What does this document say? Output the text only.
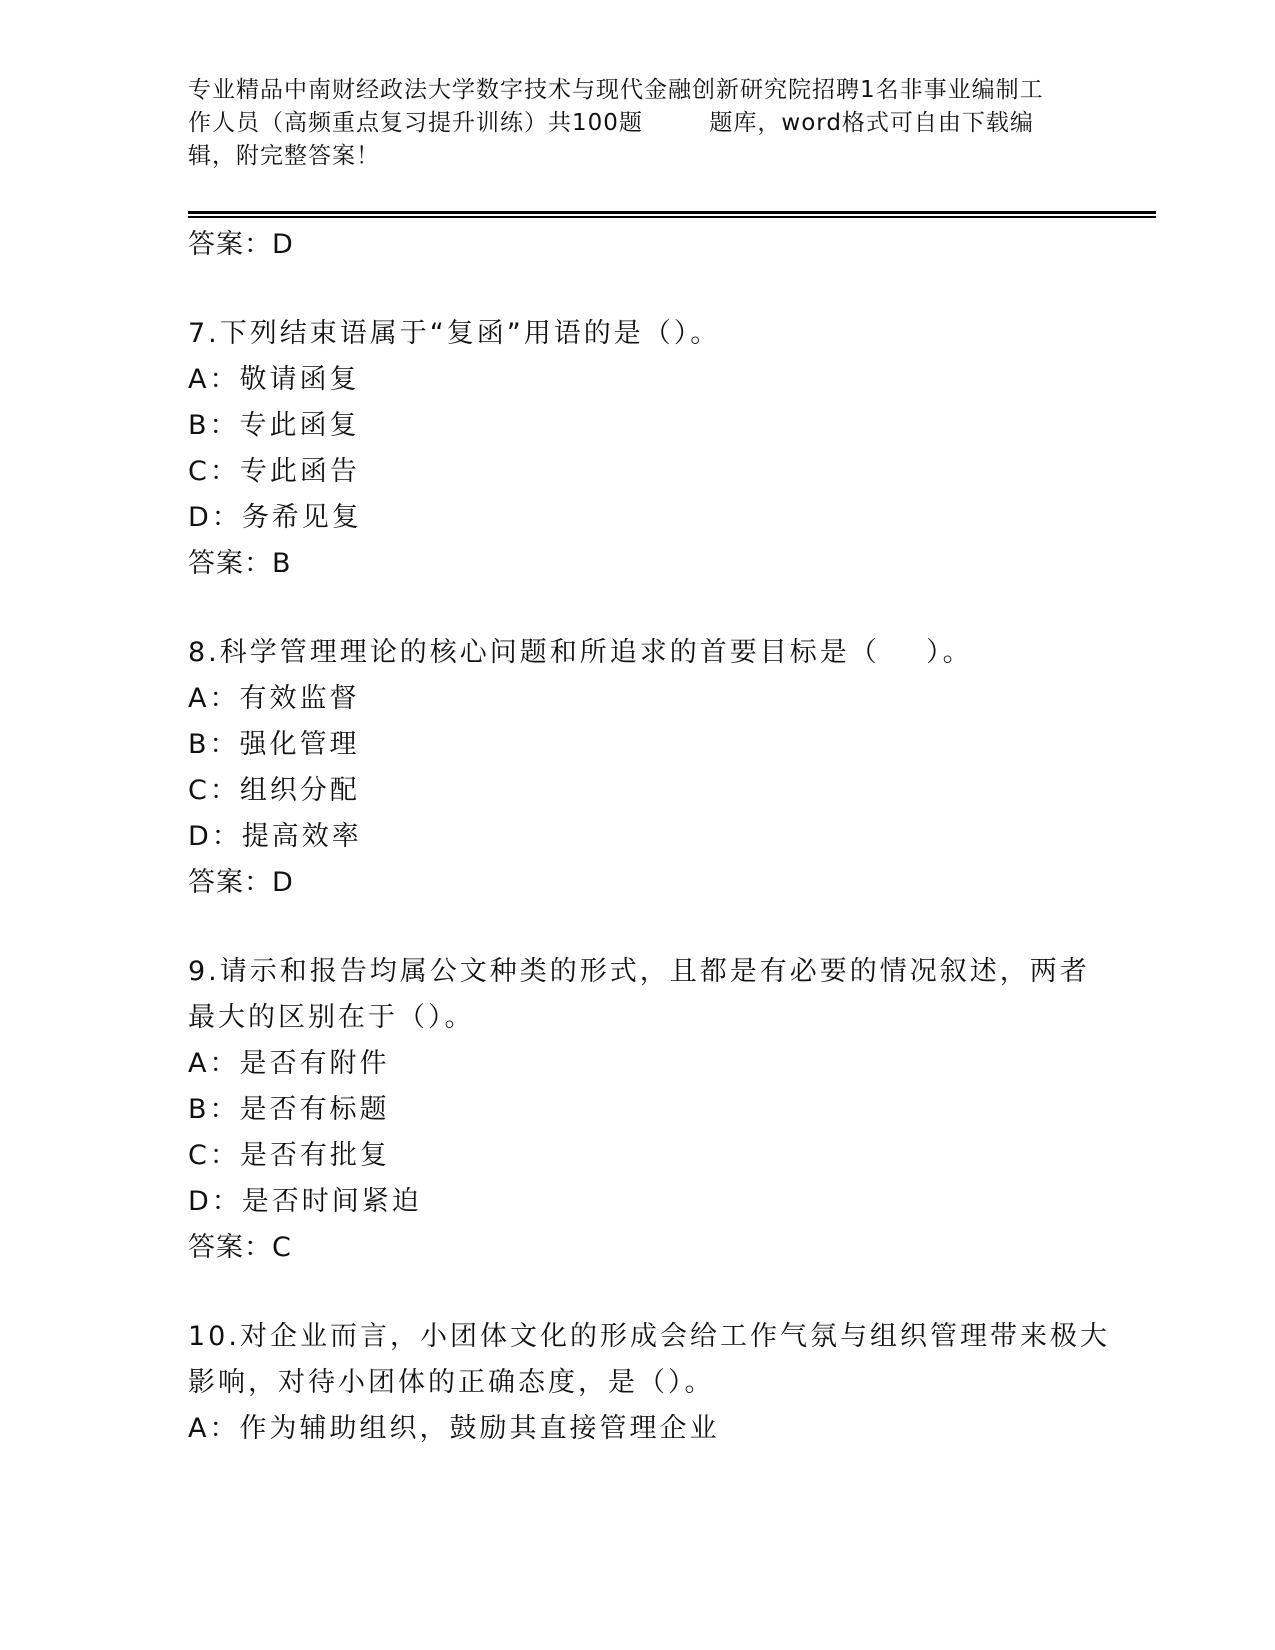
专业精品中南财经政法大学数字技术与现代金融创新研究院招聘1名非事业编制工
作人员（高频重点复习提升训练）共100题        题库，word格式可自由下载编
辑，附完整答案！
答案：D
7.下列结束语属于“复函”用语的是（）。
A：敬请函复
B：专此函复
C：专此函告
D：务希见复
答案：B
8.科学管理理论的核心问题和所追求的首要目标是（    ）。
A：有效监督
B：强化管理
C：组织分配
D：提高效率
答案：D
9.请示和报告均属公文种类的形式，且都是有必要的情况叙述，两者
最大的区别在于（）。
A：是否有附件
B：是否有标题
C：是否有批复
D：是否时间紧迫
答案：C
10.对企业而言，小团体文化的形成会给工作气氛与组织管理带来极大
影响，对待小团体的正确态度，是（）。
A：作为辅助组织，鼓励其直接管理企业
